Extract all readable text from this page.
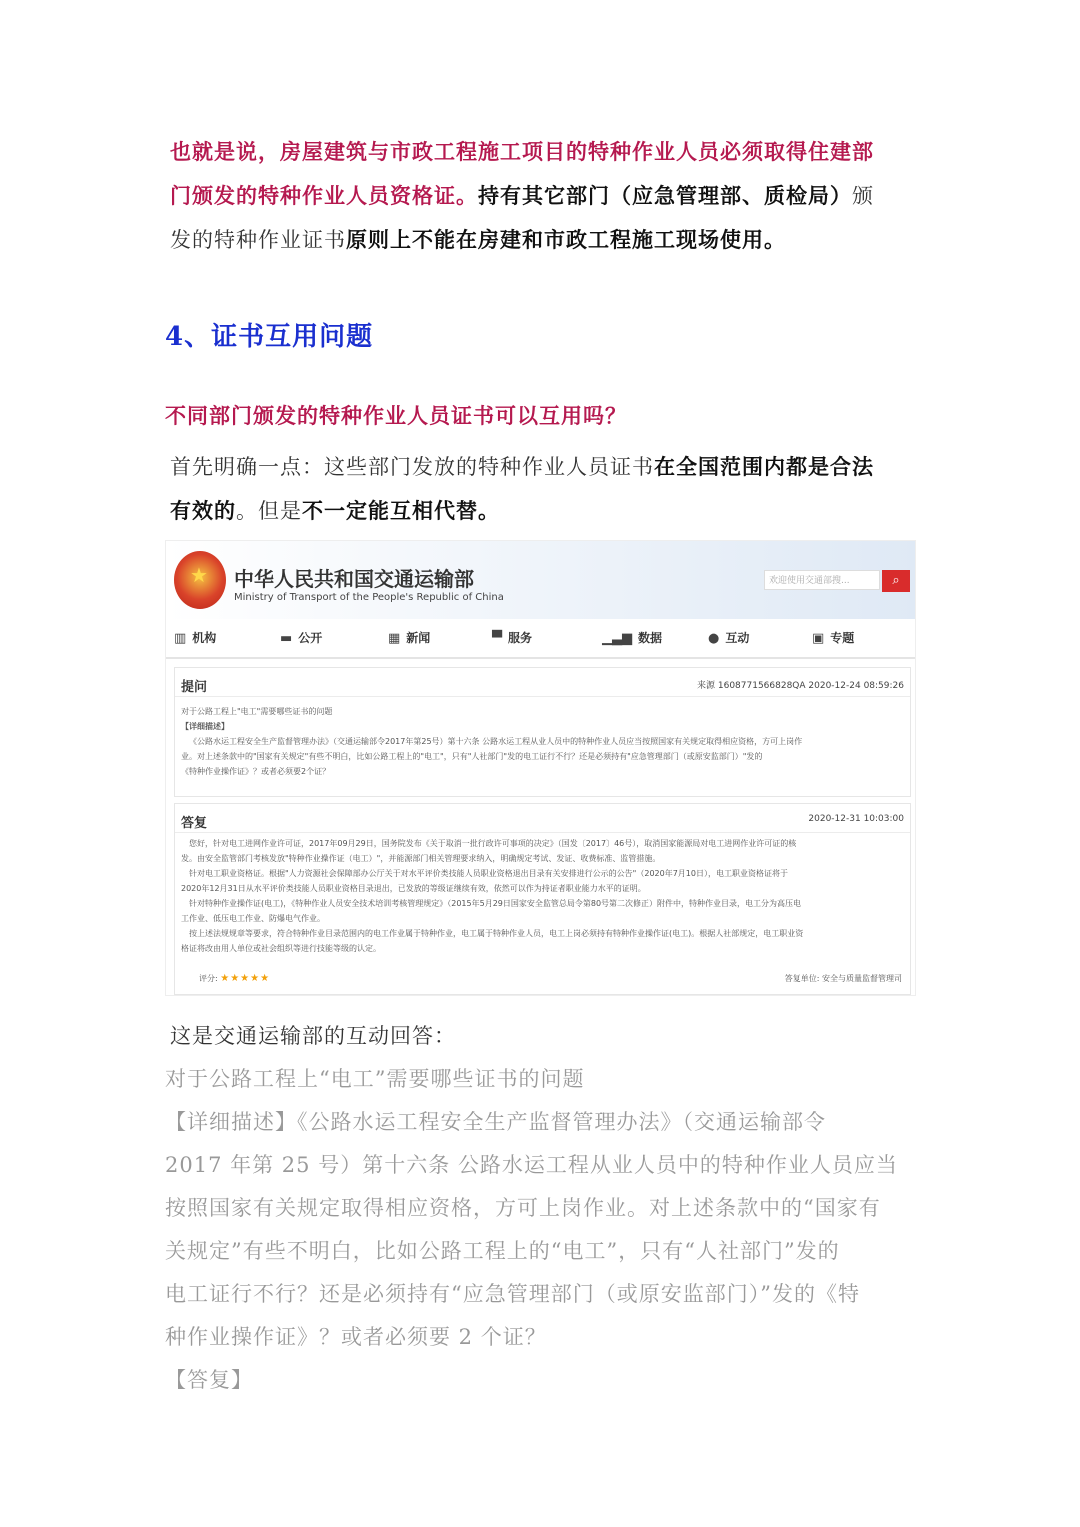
也就是说，房屋建筑与市政工程施工项目的特种作业人员必须取得住建部
门颁发的特种作业人员资格证。持有其它部门（应急管理部、质检局）颁
发的特种作业证书原则上不能在房建和市政工程施工现场使用。
4、证书互用问题
不同部门颁发的特种作业人员证书可以互用吗？
首先明确一点：这些部门发放的特种作业人员证书在全国范围内都是合法
有效的。但是不一定能互相代替。
★
中华人民共和国交通运输部
Ministry of Transport of the People's Republic of China
欢迎使用交通部搜...	⌕
▥ 机构	▬ 公开	▦ 新闻	▀ 服务	▁▃▆ 数据	● 互动	▣ 专题
提问	来源 1608771566828QA 2020-12-24 08:59:26
对于公路工程上"电工"需要哪些证书的问题
【详细描述】
《公路水运工程安全生产监督管理办法》（交通运输部令2017年第25号）第十六条 公路水运工程从业人员中的特种作业人员应当按照国家有关规定取得相应资格，方可上岗作
业。对上述条款中的"国家有关规定"有些不明白，比如公路工程上的"电工"，只有"人社部门"发的电工证行不行？还是必须持有"应急管理部门（或原安监部门）"发的
《特种作业操作证》？或者必须要2个证？
答复	2020-12-31 10:03:00
您好，针对电工进网作业许可证，2017年09月29日，国务院发布《关于取消一批行政许可事项的决定》（国发〔2017〕46号），取消国家能源局对电工进网作业许可证的核
发。由安全监管部门考核发放"特种作业操作证（电工）"，并能源部门相关管理要求纳入，明确规定考试、发证、收费标准、监管措施。
针对电工职业资格证。根据"人力资源社会保障部办公厅关于对水平评价类技能人员职业资格退出目录有关安排进行公示的公告"（2020年7月10日），电工职业资格证将于
2020年12月31日从水平评价类技能人员职业资格目录退出，已发放的等级证继续有效，依然可以作为持证者职业能力水平的证明。
针对特种作业操作证(电工)，《特种作业人员安全技术培训考核管理规定》（2015年5月29日国家安全监管总局令第80号第二次修正）附件中，特种作业目录，电工分为高压电
工作业、低压电工作业、防爆电气作业。
按上述法规规章等要求，符合特种作业目录范围内的电工作业属于特种作业，电工属于特种作业人员，电工上岗必须持有特种作业操作证(电工)。根据人社部规定，电工职业资
格证将改由用人单位或社会组织等进行技能等级的认定。
评分: ★★★★★	答复单位: 安全与质量监督管理司
这是交通运输部的互动回答：
对于公路工程上“电工”需要哪些证书的问题
【详细描述】《公路水运工程安全生产监督管理办法》（交通运输部令
2017 年第 25 号）第十六条 公路水运工程从业人员中的特种作业人员应当
按照国家有关规定取得相应资格，方可上岗作业。对上述条款中的“国家有
关规定”有些不明白，比如公路工程上的“电工”，只有“人社部门”发的
电工证行不行？还是必须持有“应急管理部门（或原安监部门）”发的《特
种作业操作证》？或者必须要 2 个证？
【答复】
